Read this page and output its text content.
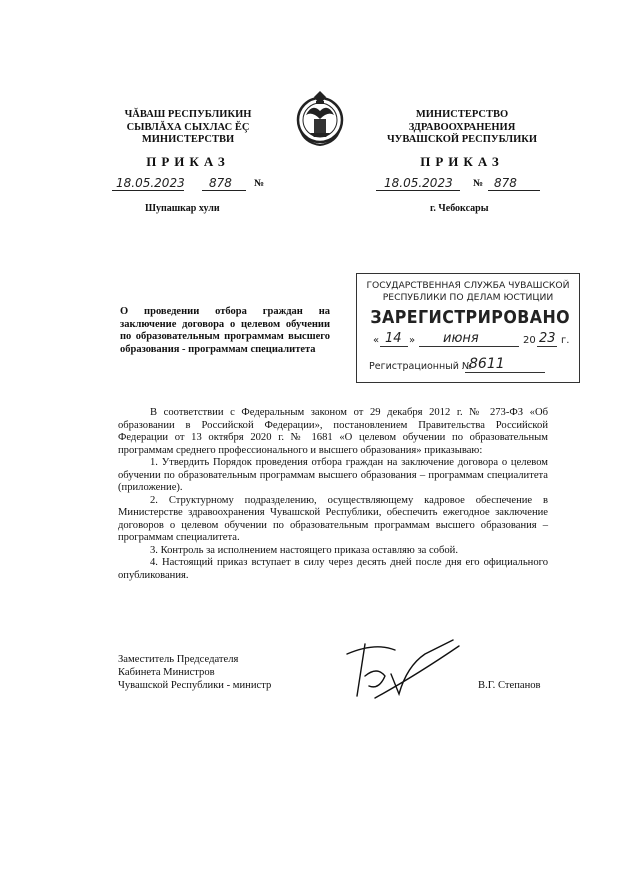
ЧĂВАШ РЕСПУБЛИКИН
СЫВЛĂХА СЫХЛАС ĔÇ
МИНИСТЕРСТВИ
ПРИКАЗ
18.05.2023 878 №
Шупашкар хули
МИНИСТЕРСТВО
ЗДРАВООХРАНЕНИЯ
ЧУВАШСКОЙ РЕСПУБЛИКИ
ПРИКАЗ
18.05.2023 № 878
г. Чебоксары
О проведении отбора граждан на заключение договора о целевом обучении по образовательным программам высшего образования - программам специалитета
ГОСУДАРСТВЕННАЯ СЛУЖБА ЧУВАШСКОЙ
РЕСПУБЛИКИ ПО ДЕЛАМ ЮСТИЦИИ
ЗАРЕГИСТРИРОВАНО
« 14 » июня	20 23 г.
Регистрационный №
8611

В соответствии с Федеральным законом от 29 декабря 2012 г. № 273-ФЗ «Об образовании в Российской Федерации», постановлением Правительства Российской Федерации от 13 октября 2020 г. № 1681 «О целевом обучении по образовательным программам среднего профессионального и высшего образования» приказываю:

1. Утвердить Порядок проведения отбора граждан на заключение договора о целевом обучении по образовательным программам высшего образования – программам специалитета (приложение).

2. Структурному подразделению, осуществляющему кадровое обеспечение в Министерстве здравоохранения Чувашской Республики, обеспечить ежегодное заключение договоров о целевом обучении по образовательным программам высшего образования – программам специалитета.

3. Контроль за исполнением настоящего приказа оставляю за собой.

4. Настоящий приказ вступает в силу через десять дней после дня его официального опубликования.

Заместитель Председателя
Кабинета Министров
Чувашской Республики - министр	В.Г. Степанов
